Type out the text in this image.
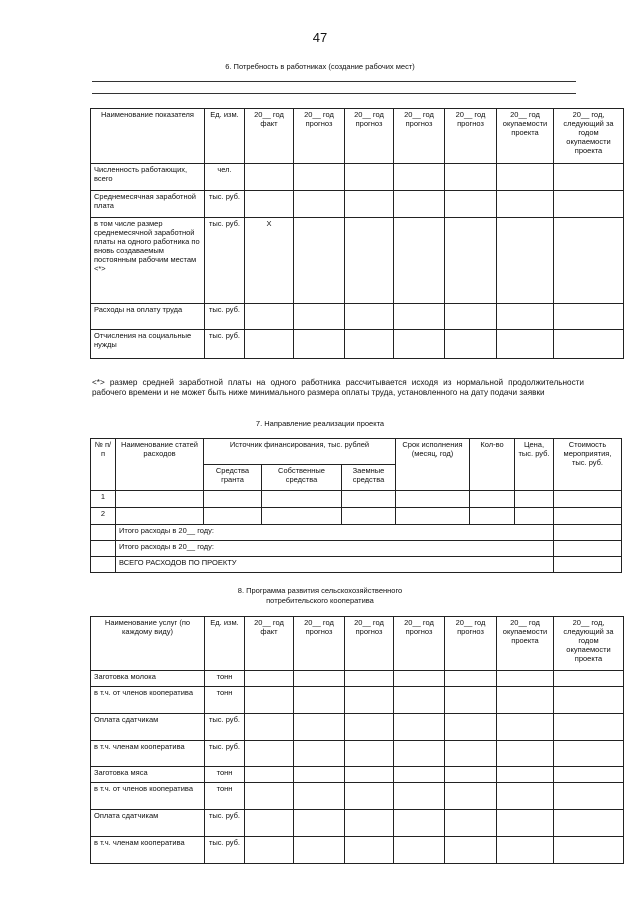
47
6. Потребность в работниках (создание рабочих мест)
Наименование показателя	Ед. изм.	20__ год факт	20__ год прогноз	20__ год прогноз	20__ год прогноз	20__ год прогноз	20__ год окупаемости проекта	20__ год, следующий за годом окупаемости проекта
Численность работающих, всего	чел.							
Среднемесячная заработной плата	тыс. руб.							
в том числе размер среднемесячной заработной платы на одного работника по вновь создаваемым постоянным рабочим местам <*>	тыс. руб.	X						
Расходы на оплату труда	тыс. руб.							
Отчисления на социальные нужды	тыс. руб.							
<*> размер средней заработной платы на одного работника рассчитывается исходя из нормальной продолжительности рабочего времени и не может быть ниже минимального размера оплаты труда, установленного на дату подачи заявки
7. Направление реализации проекта
№ п/п	Наименование статей расходов	Источник финансирования, тыс. рублей			Срок исполнения (месяц, год)	Кол-во	Цена, тыс. руб.	Стоимость мероприятия, тыс. руб.
		Средства гранта	Собственные средства	Заемные средства				
1								
2								
	Итого расходы в 20__ году:							
	Итого расходы в 20__ году:							
	ВСЕГО РАСХОДОВ ПО ПРОЕКТУ							
8. Программа развития сельскохозяйственного
потребительского кооператива
Наименование услуг (по каждому виду)	Ед. изм.	20__ год факт	20__ год прогноз	20__ год прогноз	20__ год прогноз	20__ год прогноз	20__ год окупаемости проекта	20__ год, следующий за годом окупаемости проекта
Заготовка молока	тонн							
в т.ч. от членов кооператива	тонн							
Оплата сдатчикам	тыс. руб.							
в т.ч. членам кооператива	тыс. руб.							
Заготовка мяса	тонн							
в т.ч. от членов кооператива	тонн							
Оплата сдатчикам	тыс. руб.							
в т.ч. членам кооператива	тыс. руб.							
